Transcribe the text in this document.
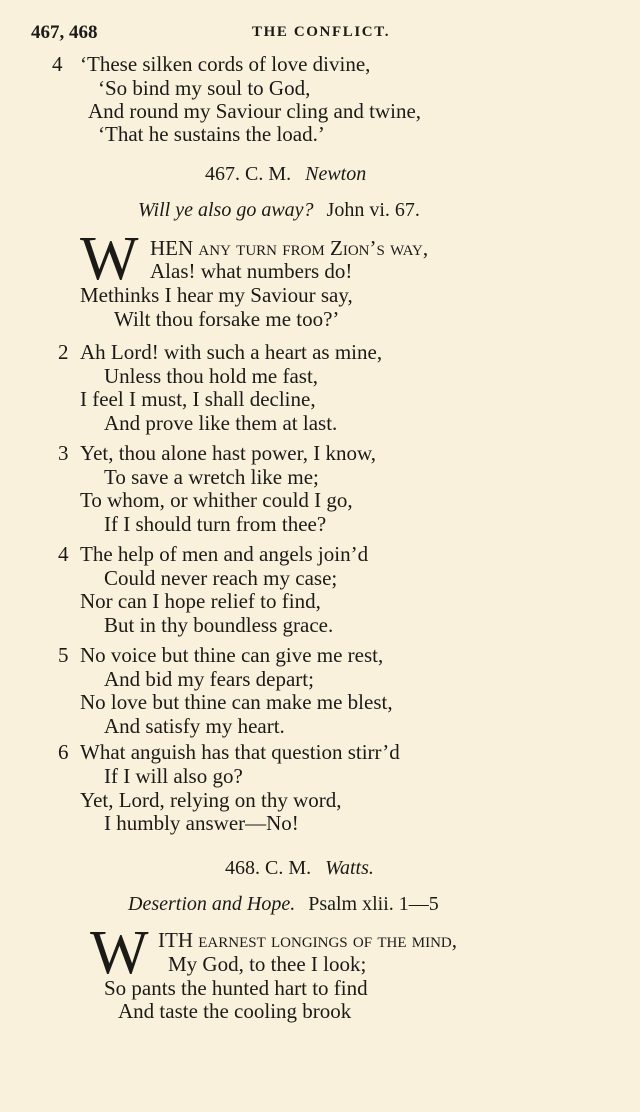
467, 468	THE CONFLICT.
4 ‘These silken cords of love divine,
‘So bind my soul to God,
And round my Saviour cling and twine,
‘That he sustains the load.’
467. C. M. Newton
Will ye also go away? John vi. 67.
W HEN any turn from Zion’s way,
Alas! what numbers do!
Methinks I hear my Saviour say,
Wilt thou forsake me too?’
2 Ah Lord! with such a heart as mine,
Unless thou hold me fast,
I feel I must, I shall decline,
And prove like them at last.
3 Yet, thou alone hast power, I know,
To save a wretch like me;
To whom, or whither could I go,
If I should turn from thee?
4 The help of men and angels join’d
Could never reach my case;
Nor can I hope relief to find,
But in thy boundless grace.
5 No voice but thine can give me rest,
And bid my fears depart;
No love but thine can make me blest,
And satisfy my heart.
6 What anguish has that question stirr’d
If I will also go?
Yet, Lord, relying on thy word,
I humbly answer—No!
468. C. M. Watts.
Desertion and Hope. Psalm xlii. 1—5
W ITH earnest longings of the mind,
My God, to thee I look;
So pants the hunted hart to find
And taste the cooling brook
